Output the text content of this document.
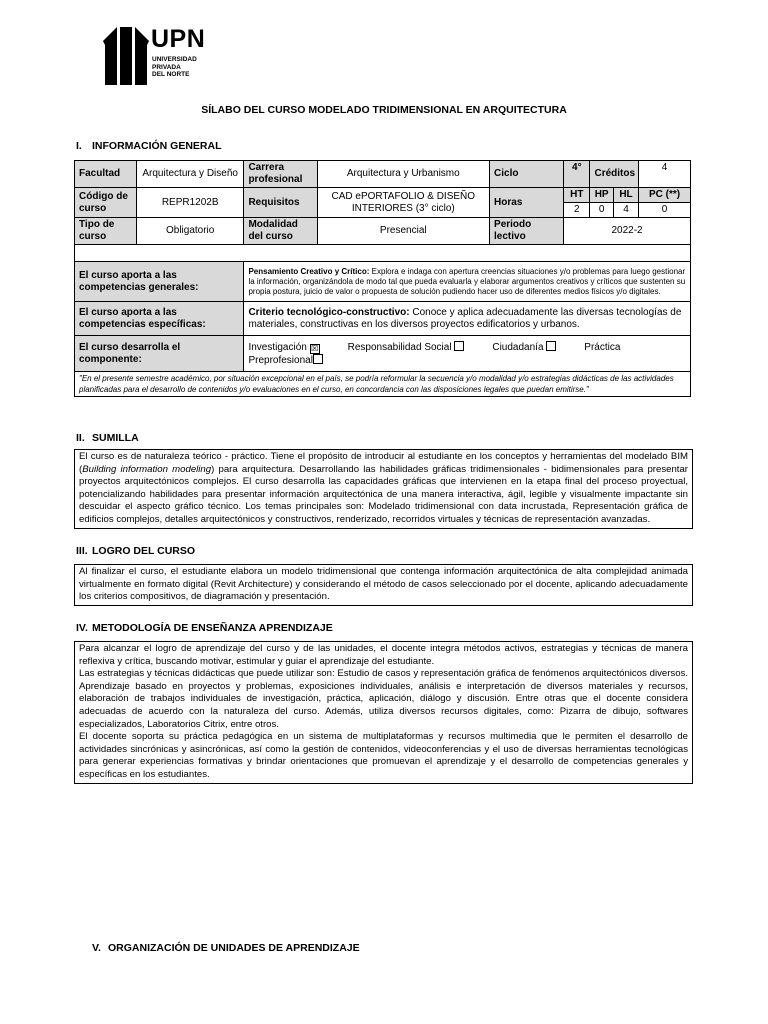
UPN
UNIVERSIDAD
PRIVADA
DEL NORTE
SÍLABO DEL CURSO MODELADO TRIDIMENSIONAL EN ARQUITECTURA
I. INFORMACIÓN GENERAL
Facultad	Arquitectura y Diseño	Carrera profesional	Arquitectura y Urbanismo	Ciclo	4°	Créditos		4
Código de curso	REPR1202B	Requisitos	CAD ePORTAFOLIO & DISEÑO INTERIORES (3° ciclo)	Horas	HT	HP	HL	PC (**)
					2	0	4	0
Tipo de curso	Obligatorio	Modalidad del curso	Presencial	Periodo lectivo	2022-2			

El curso aporta a las competencias generales:		Pensamiento Creativo y Crítico: Explora e indaga con apertura creencias situaciones y/o problemas para luego gestionar la información, organizándola de modo tal que pueda evaluarla y elaborar argumentos creativos y críticos que sustenten su propia postura, juicio de valor o propuesta de solución pudiendo hacer uso de diferentes medios físicos y/o digitales.						
El curso aporta a las competencias específicas:		Criterio tecnológico-constructivo: Conoce y aplica adecuadamente las diversas tecnologías de materiales, constructivas en los diversos proyectos edificatorios y urbanos.						
El curso desarrolla el componente:		Investigación ☒ Responsabilidad Social Ciudadanía Práctica Preprofesional						
"En el presente semestre académico, por situación excepcional en el país, se podría reformular la secuencia y/o modalidad y/o estrategias didácticas de las actividades planificadas para el desarrollo de contenidos y/o evaluaciones en el curso, en concordancia con las disposiciones legales que puedan emitirse."								
II. SUMILLA

El curso es de naturaleza teórico - práctico. Tiene el propósito de introducir al estudiante en los conceptos y herramientas del modelado BIM (Building information modeling) para arquitectura. Desarrollando las habilidades gráficas tridimensionales - bidimensionales para presentar proyectos arquitectónicos complejos. El curso desarrolla las capacidades gráficas que intervienen en la etapa final del proceso proyectual, potencializando habilidades para presentar información arquitectónica de una manera interactiva, ágil, legible y visualmente impactante sin descuidar el aspecto gráfico técnico. Los temas principales son: Modelado tridimensional con data incrustada, Representación gráfica de edificios complejos, detalles arquitectónicos y constructivos, renderizado, recorridos virtuales y técnicas de representación avanzadas.

III. LOGRO DEL CURSO

Al finalizar el curso, el estudiante elabora un modelo tridimensional que contenga información arquitectónica de alta complejidad animada virtualmente en formato digital (Revit Architecture) y considerando el método de casos seleccionado por el docente, aplicando adecuadamente los criterios compositivos, de diagramación y presentación.

IV. METODOLOGÍA DE ENSEÑANZA APRENDIZAJE

Para alcanzar el logro de aprendizaje del curso y de las unidades, el docente integra métodos activos, estrategias y técnicas de manera reflexiva y crítica, buscando motivar, estimular y guiar el aprendizaje del estudiante.

Las estrategias y técnicas didácticas que puede utilizar son: Estudio de casos y representación gráfica de fenómenos arquitectónicos diversos. Aprendizaje basado en proyectos y problemas, exposiciones individuales, análisis e interpretación de diversos materiales y recursos, elaboración de trabajos individuales de investigación, práctica, aplicación, diálogo y discusión. Entre otras que el docente considera adecuadas de acuerdo con la naturaleza del curso. Además, utiliza diversos recursos digitales, como: Pizarra de dibujo, softwares especializados, Laboratorios Citrix, entre otros.

El docente soporta su práctica pedagógica en un sistema de multiplataformas y recursos multimedia que le permiten el desarrollo de actividades sincrónicas y asincrónicas, así como la gestión de contenidos, videoconferencias y el uso de diversas herramientas tecnológicas para generar experiencias formativas y brindar orientaciones que promuevan el aprendizaje y el desarrollo de competencias generales y específicas en los estudiantes.

V. ORGANIZACIÓN DE UNIDADES DE APRENDIZAJE
